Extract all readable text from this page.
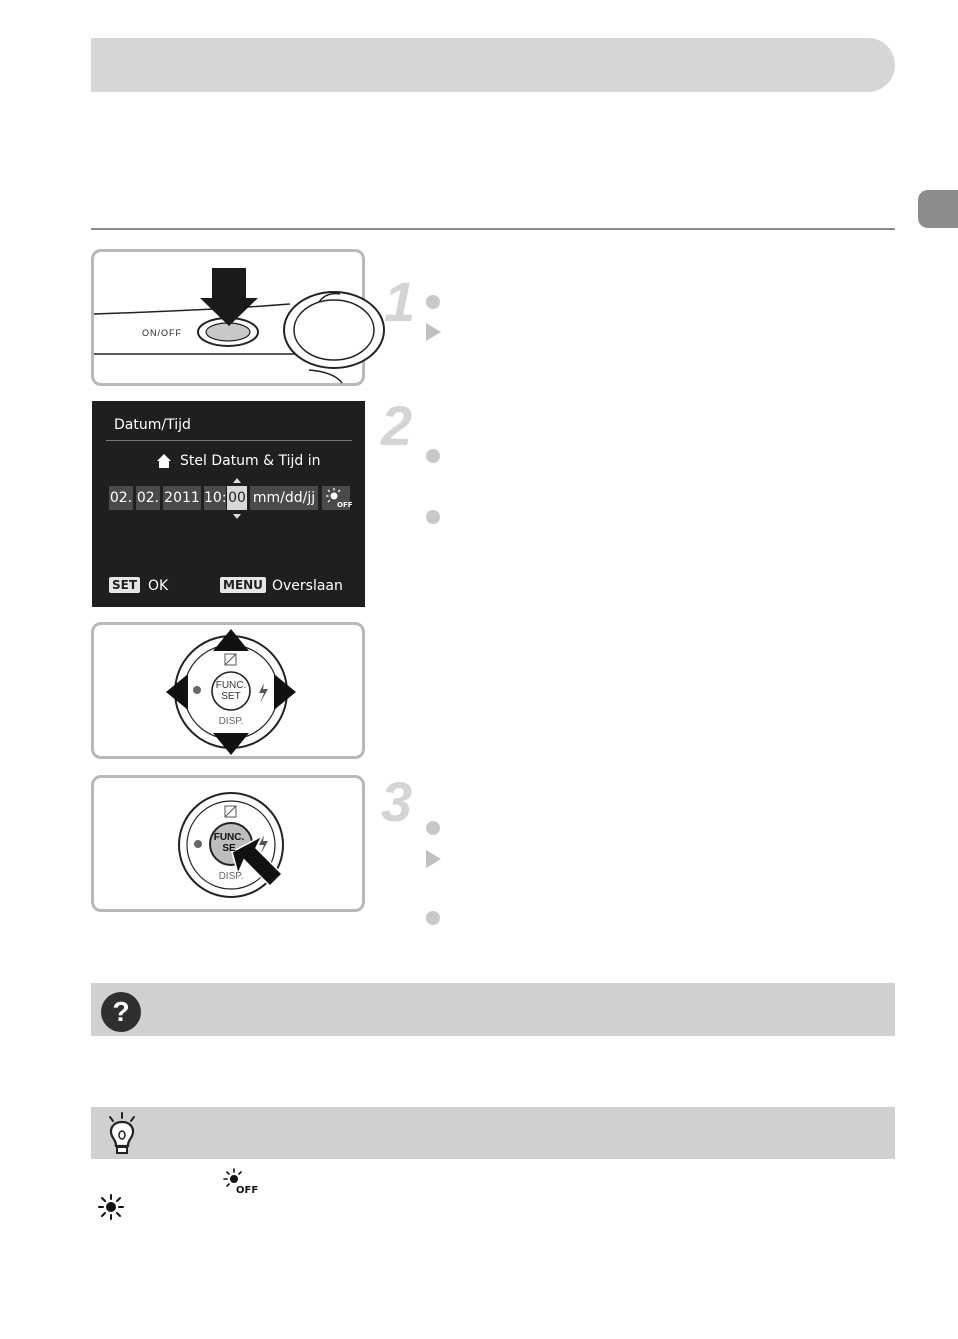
ON/OFF	1
2
3
Datum/Tijd
Stel Datum & Tijd in
02. 02. 2011 10: 00 mm/dd/jj	OFF
SET OK	MENU Overslaan
FUNC.
SET
DISP.
FUNC.
SE
DISP.
?
OFF
